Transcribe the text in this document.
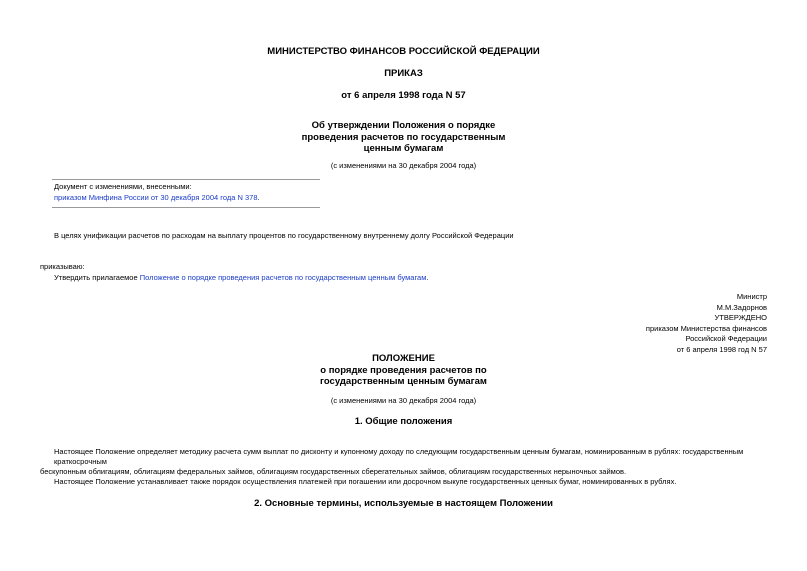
МИНИСТЕРСТВО ФИНАНСОВ РОССИЙСКОЙ ФЕДЕРАЦИИ

ПРИКАЗ

от 6 апреля 1998 года N 57

Об утверждении Положения о порядке
проведения расчетов по государственным
ценным бумагам

(с изменениями на 30 декабря 2004 года)

Документ с изменениями, внесенными:

приказом Минфина России от 30 декабря 2004 года N 378.

В целях унификации расчетов по расходам на выплату процентов по государственному внутреннему долгу Российской Федерации

приказываю:

Утвердить прилагаемое Положение о порядке проведения расчетов по государственным ценным бумагам.

Министр
М.М.Задорнов
УТВЕРЖДЕНО
приказом Министерства финансов
Российской Федерации
от 6 апреля 1998 год N 57
ПОЛОЖЕНИЕ
о порядке проведения расчетов по
государственным ценным бумагам

(с изменениями на 30 декабря 2004 года)

1. Общие положения

Настоящее Положение определяет методику расчета сумм выплат по дисконту и купонному доходу по следующим государственным ценным бумагам, номинированным в рублях: государственным краткосрочным
бескупонным облигациям, облигациям федеральных займов, облигациям государственных сберегательных займов, облигациям государственных нерыночных займов.

Настоящее Положение устанавливает также порядок осуществления платежей при погашении или досрочном выкупе государственных ценных бумаг, номинированных в рублях.

2. Основные термины, используемые в настоящем Положении
